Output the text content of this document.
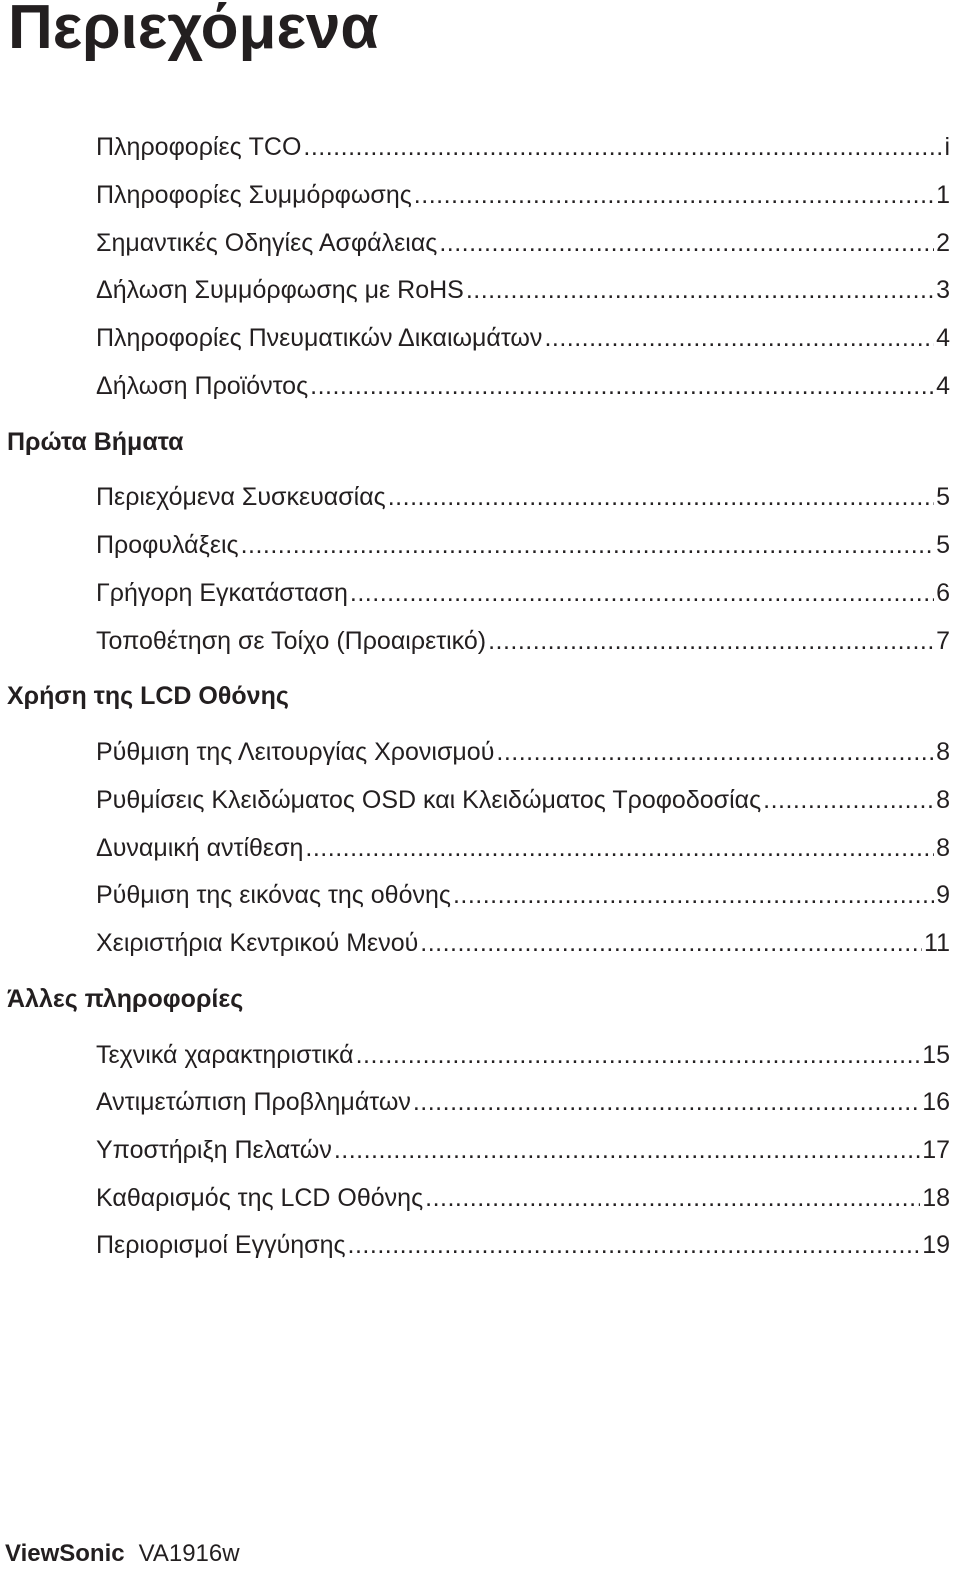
Περιεχόμενα
Πληροφορίες TCO .....	i
Πληροφορίες Συμμόρφωσης .....	1
Σημαντικές Οδηγίες Ασφάλειας .....	2
Δήλωση Συμμόρφωσης με RoHS .....	3
Πληροφορίες Πνευματικών Δικαιωμάτων .....	4
Δήλωση Προϊόντος .....	4
Πρώτα Βήματα
Περιεχόμενα Συσκευασίας .....	5
Προφυλάξεις .....	5
Γρήγορη Εγκατάσταση .....	6
Τοποθέτηση σε Τοίχο (Προαιρετικό) .....	7
Χρήση της LCD Οθόνης
Ρύθμιση της Λειτουργίας Χρονισμού .....	8
Ρυθμίσεις Κλειδώματος OSD και Κλειδώματος Τροφοδοσίας .....	8
Δυναμική αντίθεση .....	8
Ρύθμιση της εικόνας της οθόνης .....	9
Χειριστήρια Κεντρικού Μενού .....	11
Άλλες πληροφορίες
Τεχνικά χαρακτηριστικά .....	15
Αντιμετώπιση Προβλημάτων .....	16
Υποστήριξη Πελατών .....	17
Καθαρισμός της LCD Οθόνης .....	18
Περιορισμοί Εγγύησης .....	19
ViewSonic VA1916w
